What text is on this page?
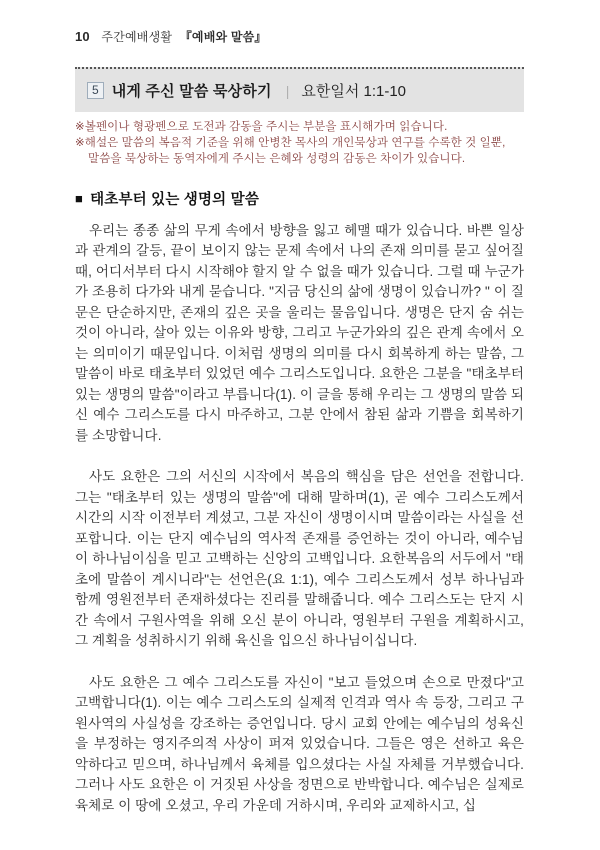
10 주간예배생활 『예배와 말씀』
5 내게 주신 말씀 묵상하기 | 요한일서 1:1-10
※볼펜이나 형광펜으로 도전과 감동을 주시는 부분을 표시해가며 읽습니다.
※해설은 말씀의 복음적 기준을 위해 안병찬 목사의 개인묵상과 연구를 수록한 것 일뿐,
말씀을 묵상하는 동역자에게 주시는 은혜와 성령의 감동은 차이가 있습니다.
■ 태초부터 있는 생명의 말씀

우리는 종종 삶의 무게 속에서 방향을 잃고 헤맬 때가 있습니다. 바쁜 일상과 관계의 갈등, 끝이 보이지 않는 문제 속에서 나의 존재 의미를 묻고 싶어질 때, 어디서부터 다시 시작해야 할지 알 수 없을 때가 있습니다. 그럴 때 누군가가 조용히 다가와 내게 묻습니다. "지금 당신의 삶에 생명이 있습니까? " 이 질문은 단순하지만, 존재의 깊은 곳을 울리는 물음입니다. 생명은 단지 숨 쉬는 것이 아니라, 살아 있는 이유와 방향, 그리고 누군가와의 깊은 관계 속에서 오는 의미이기 때문입니다. 이처럼 생명의 의미를 다시 회복하게 하는 말씀, 그 말씀이 바로 태초부터 있었던 예수 그리스도입니다. 요한은 그분을 "태초부터 있는 생명의 말씀"이라고 부릅니다(1). 이 글을 통해 우리는 그 생명의 말씀 되신 예수 그리스도를 다시 마주하고, 그분 안에서 참된 삶과 기쁨을 회복하기를 소망합니다.

사도 요한은 그의 서신의 시작에서 복음의 핵심을 담은 선언을 전합니다. 그는 "태초부터 있는 생명의 말씀"에 대해 말하며(1), 곧 예수 그리스도께서 시간의 시작 이전부터 계셨고, 그분 자신이 생명이시며 말씀이라는 사실을 선포합니다. 이는 단지 예수님의 역사적 존재를 증언하는 것이 아니라, 예수님이 하나님이심을 믿고 고백하는 신앙의 고백입니다. 요한복음의 서두에서 "태초에 말씀이 계시니라"는 선언은(요 1:1), 예수 그리스도께서 성부 하나님과 함께 영원전부터 존재하셨다는 진리를 말해줍니다. 예수 그리스도는 단지 시간 속에서 구원사역을 위해 오신 분이 아니라, 영원부터 구원을 계획하시고, 그 계획을 성취하시기 위해 육신을 입으신 하나님이십니다.

사도 요한은 그 예수 그리스도를 자신이 "보고 들었으며 손으로 만졌다"고 고백합니다(1). 이는 예수 그리스도의 실제적 인격과 역사 속 등장, 그리고 구원사역의 사실성을 강조하는 증언입니다. 당시 교회 안에는 예수님의 성육신을 부정하는 영지주의적 사상이 퍼져 있었습니다. 그들은 영은 선하고 육은 악하다고 믿으며, 하나님께서 육체를 입으셨다는 사실 자체를 거부했습니다. 그러나 사도 요한은 이 거짓된 사상을 정면으로 반박합니다. 예수님은 실제로 육체로 이 땅에 오셨고, 우리 가운데 거하시며, 우리와 교제하시고, 십
